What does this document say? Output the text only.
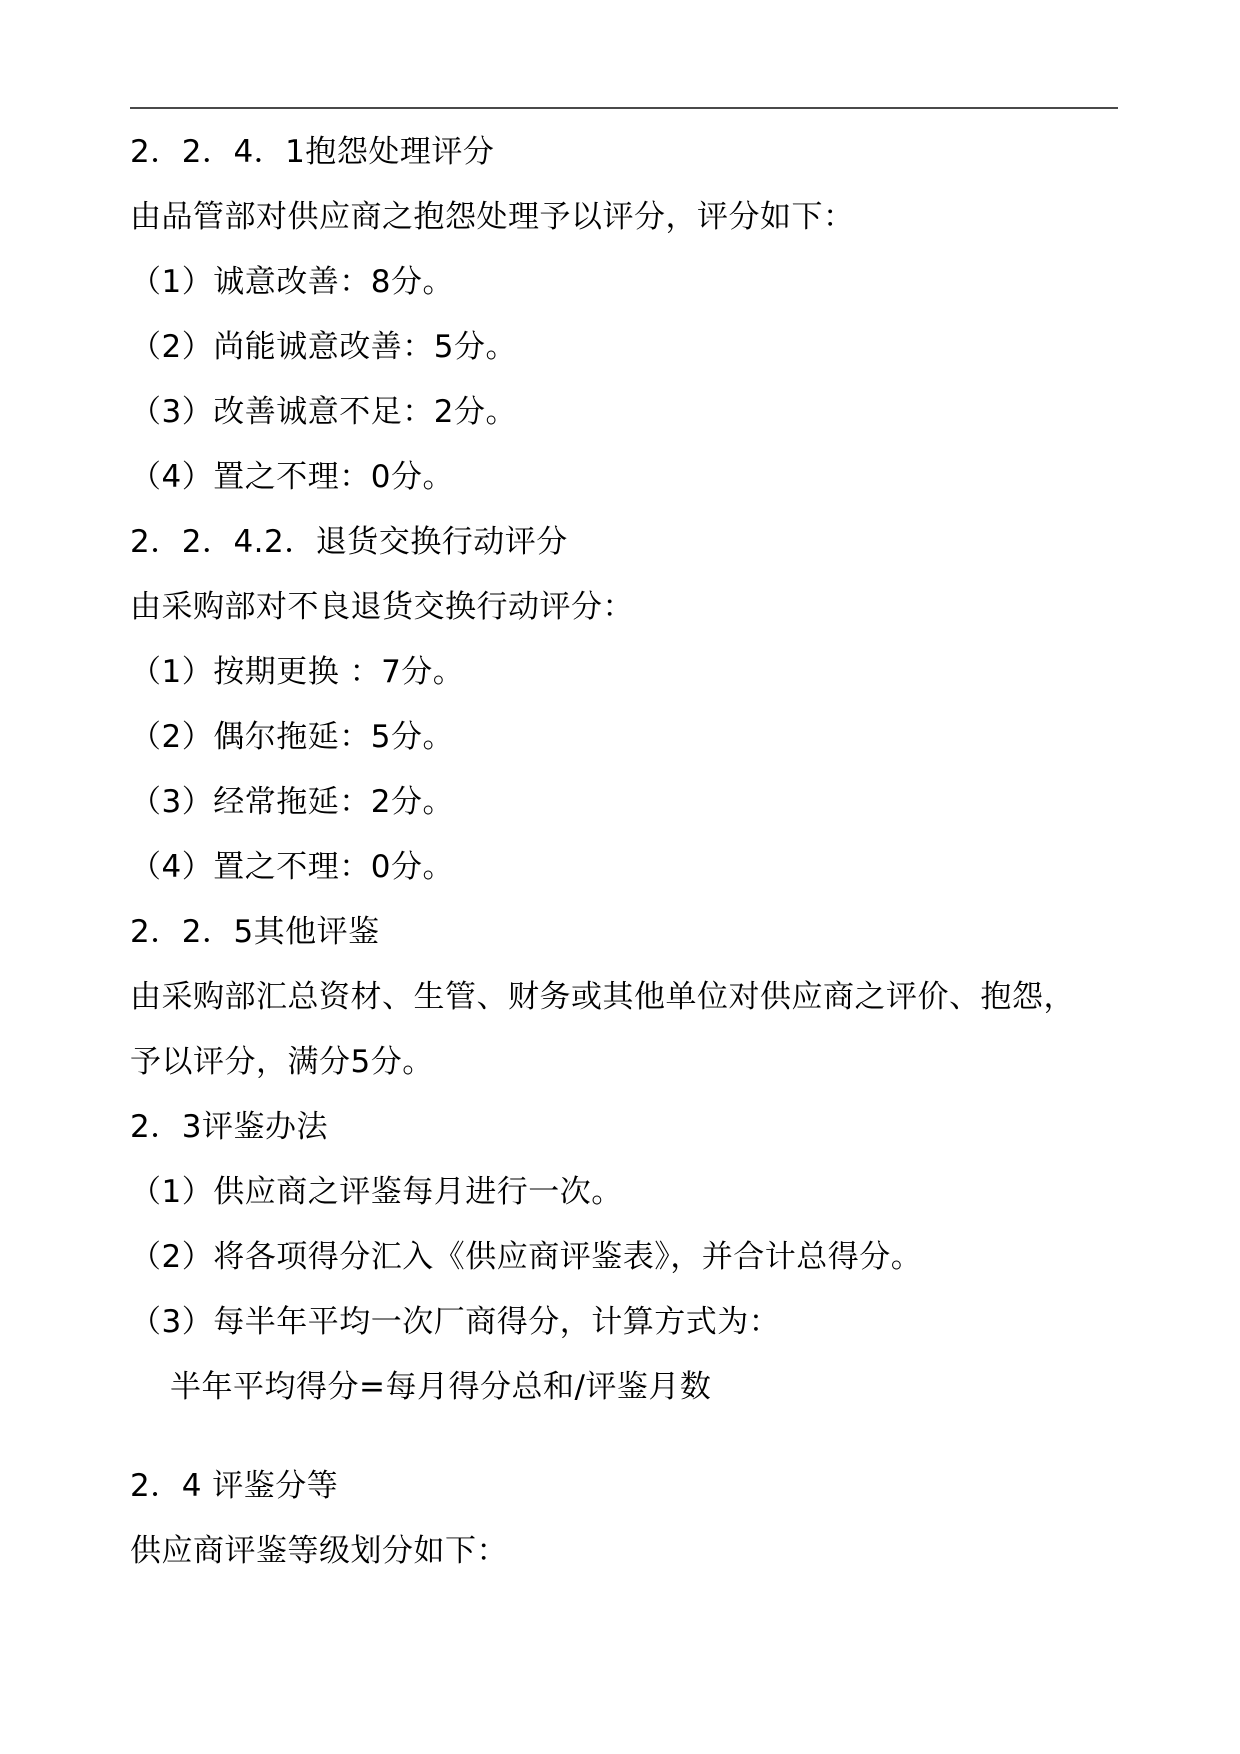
2．2．4．1抱怨处理评分
由品管部对供应商之抱怨处理予以评分，评分如下：
（1）诚意改善：8分。
（2）尚能诚意改善：5分。
（3）改善诚意不足：2分。
（4）置之不理：0分。
2．2．4.2．退货交换行动评分
由采购部对不良退货交换行动评分：
（1）按期更换 ：7分。
（2）偶尔拖延：5分。
（3）经常拖延：2分。
（4）置之不理：0分。
2．2．5其他评鉴
由采购部汇总资材、生管、财务或其他单位对供应商之评价、抱怨，
予以评分，满分5分。
2．3评鉴办法
（1）供应商之评鉴每月进行一次。
（2）将各项得分汇入《供应商评鉴表》，并合计总得分。
（3）每半年平均一次厂商得分，计算方式为：
半年平均得分=每月得分总和/评鉴月数
2．4 评鉴分等
供应商评鉴等级划分如下：
